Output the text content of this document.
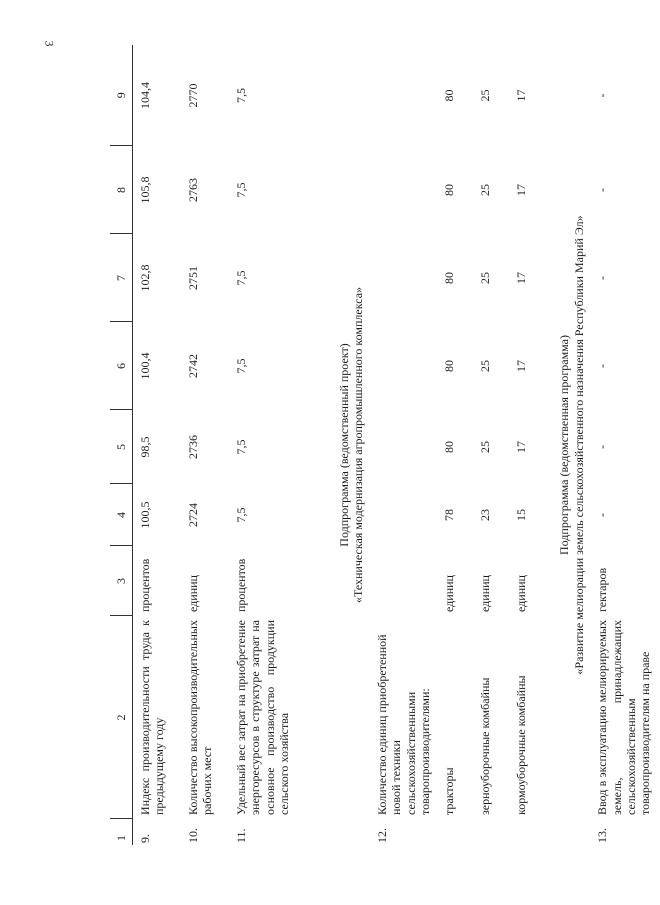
3
1	2	3	4	5	6	7	8	9
9.	Индекс производительности труда к предыдущему году	процентов	100,5	98,5	100,4	102,8	105,8	104,4
10.	Количество высокопроизводительных рабочих мест	единиц	2724	2736	2742	2751	2763	2770
11.	Удельный вес затрат на приобретение энергоресурсов в структуре затрат на основное производство продукции сельского хозяйства	процентов	7,5	7,5	7,5	7,5	7,5	7,5

Подпрограмма (ведомственный проект) «Техническая модернизация агропромышленного комплекса»								

12.	Количество единиц приобретенной новой техники сельскохозяйственными товаропроизводителями:							
	тракторы	единиц	78	80	80	80	80	80
	зерноуборочные комбайны	единиц	23	25	25	25	25	25
	кормоуборочные комбайны	единиц	15	17	17	17	17	17

Подпрограмма (ведомственная программа) «Развитие мелиорации земель сельскохозяйственного назначения Республики Марий Эл»								

13.	Ввод в эксплуатацию мелиорируемых земель, принадлежащих сельскохозяйственным товаропроизводителям на праве	гектаров	-	-	-	-	-	-
